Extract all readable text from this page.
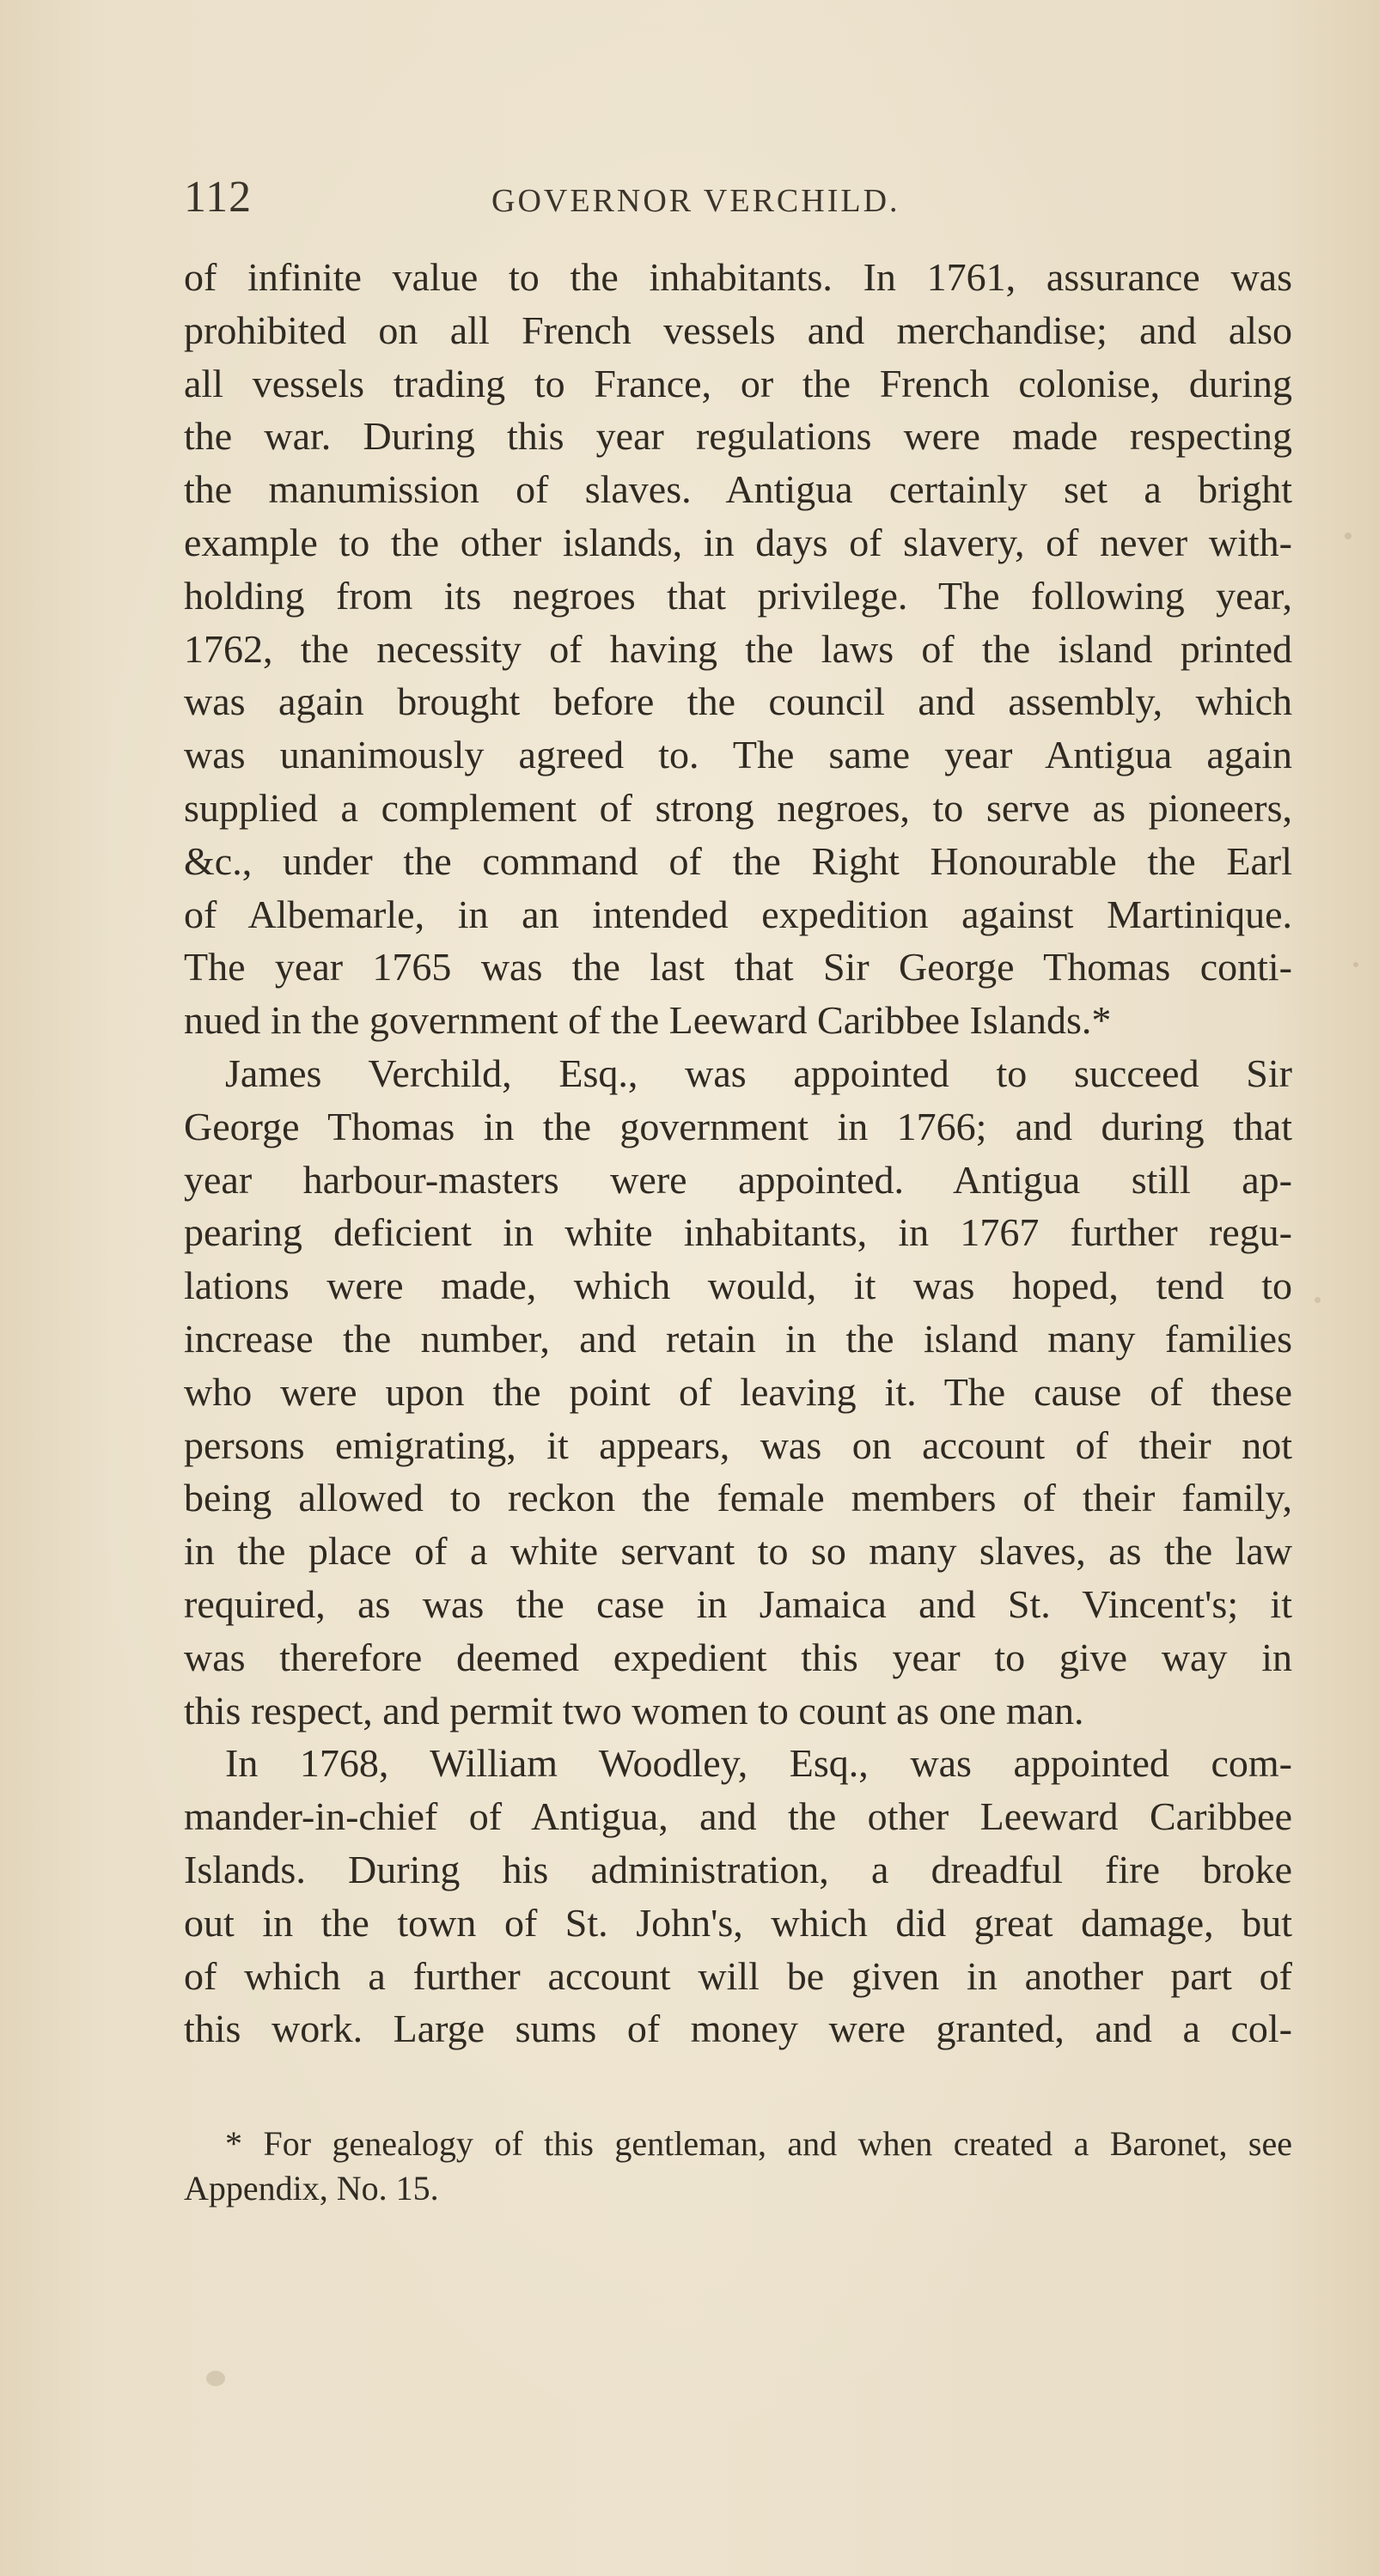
112	GOVERNOR VERCHILD.
of infinite value to the inhabitants. In 1761, assurance was
prohibited on all French vessels and merchandise; and also
all vessels trading to France, or the French colonise, during
the war. During this year regulations were made respecting
the manumission of slaves. Antigua certainly set a bright
example to the other islands, in days of slavery, of never with-
holding from its negroes that privilege. The following year,
1762, the necessity of having the laws of the island printed
was again brought before the council and assembly, which
was unanimously agreed to. The same year Antigua again
supplied a complement of strong negroes, to serve as pioneers,
&c., under the command of the Right Honourable the Earl
of Albemarle, in an intended expedition against Martinique.
The year 1765 was the last that Sir George Thomas conti-
nued in the government of the Leeward Caribbee Islands.*
James Verchild, Esq., was appointed to succeed Sir
George Thomas in the government in 1766; and during that
year harbour-masters were appointed. Antigua still ap-
pearing deficient in white inhabitants, in 1767 further regu-
lations were made, which would, it was hoped, tend to
increase the number, and retain in the island many families
who were upon the point of leaving it. The cause of these
persons emigrating, it appears, was on account of their not
being allowed to reckon the female members of their family,
in the place of a white servant to so many slaves, as the law
required, as was the case in Jamaica and St. Vincent's; it
was therefore deemed expedient this year to give way in
this respect, and permit two women to count as one man.
In 1768, William Woodley, Esq., was appointed com-
mander-in-chief of Antigua, and the other Leeward Caribbee
Islands. During his administration, a dreadful fire broke
out in the town of St. John's, which did great damage, but
of which a further account will be given in another part of
this work. Large sums of money were granted, and a col-
* For genealogy of this gentleman, and when created a Baronet, see
Appendix, No. 15.
